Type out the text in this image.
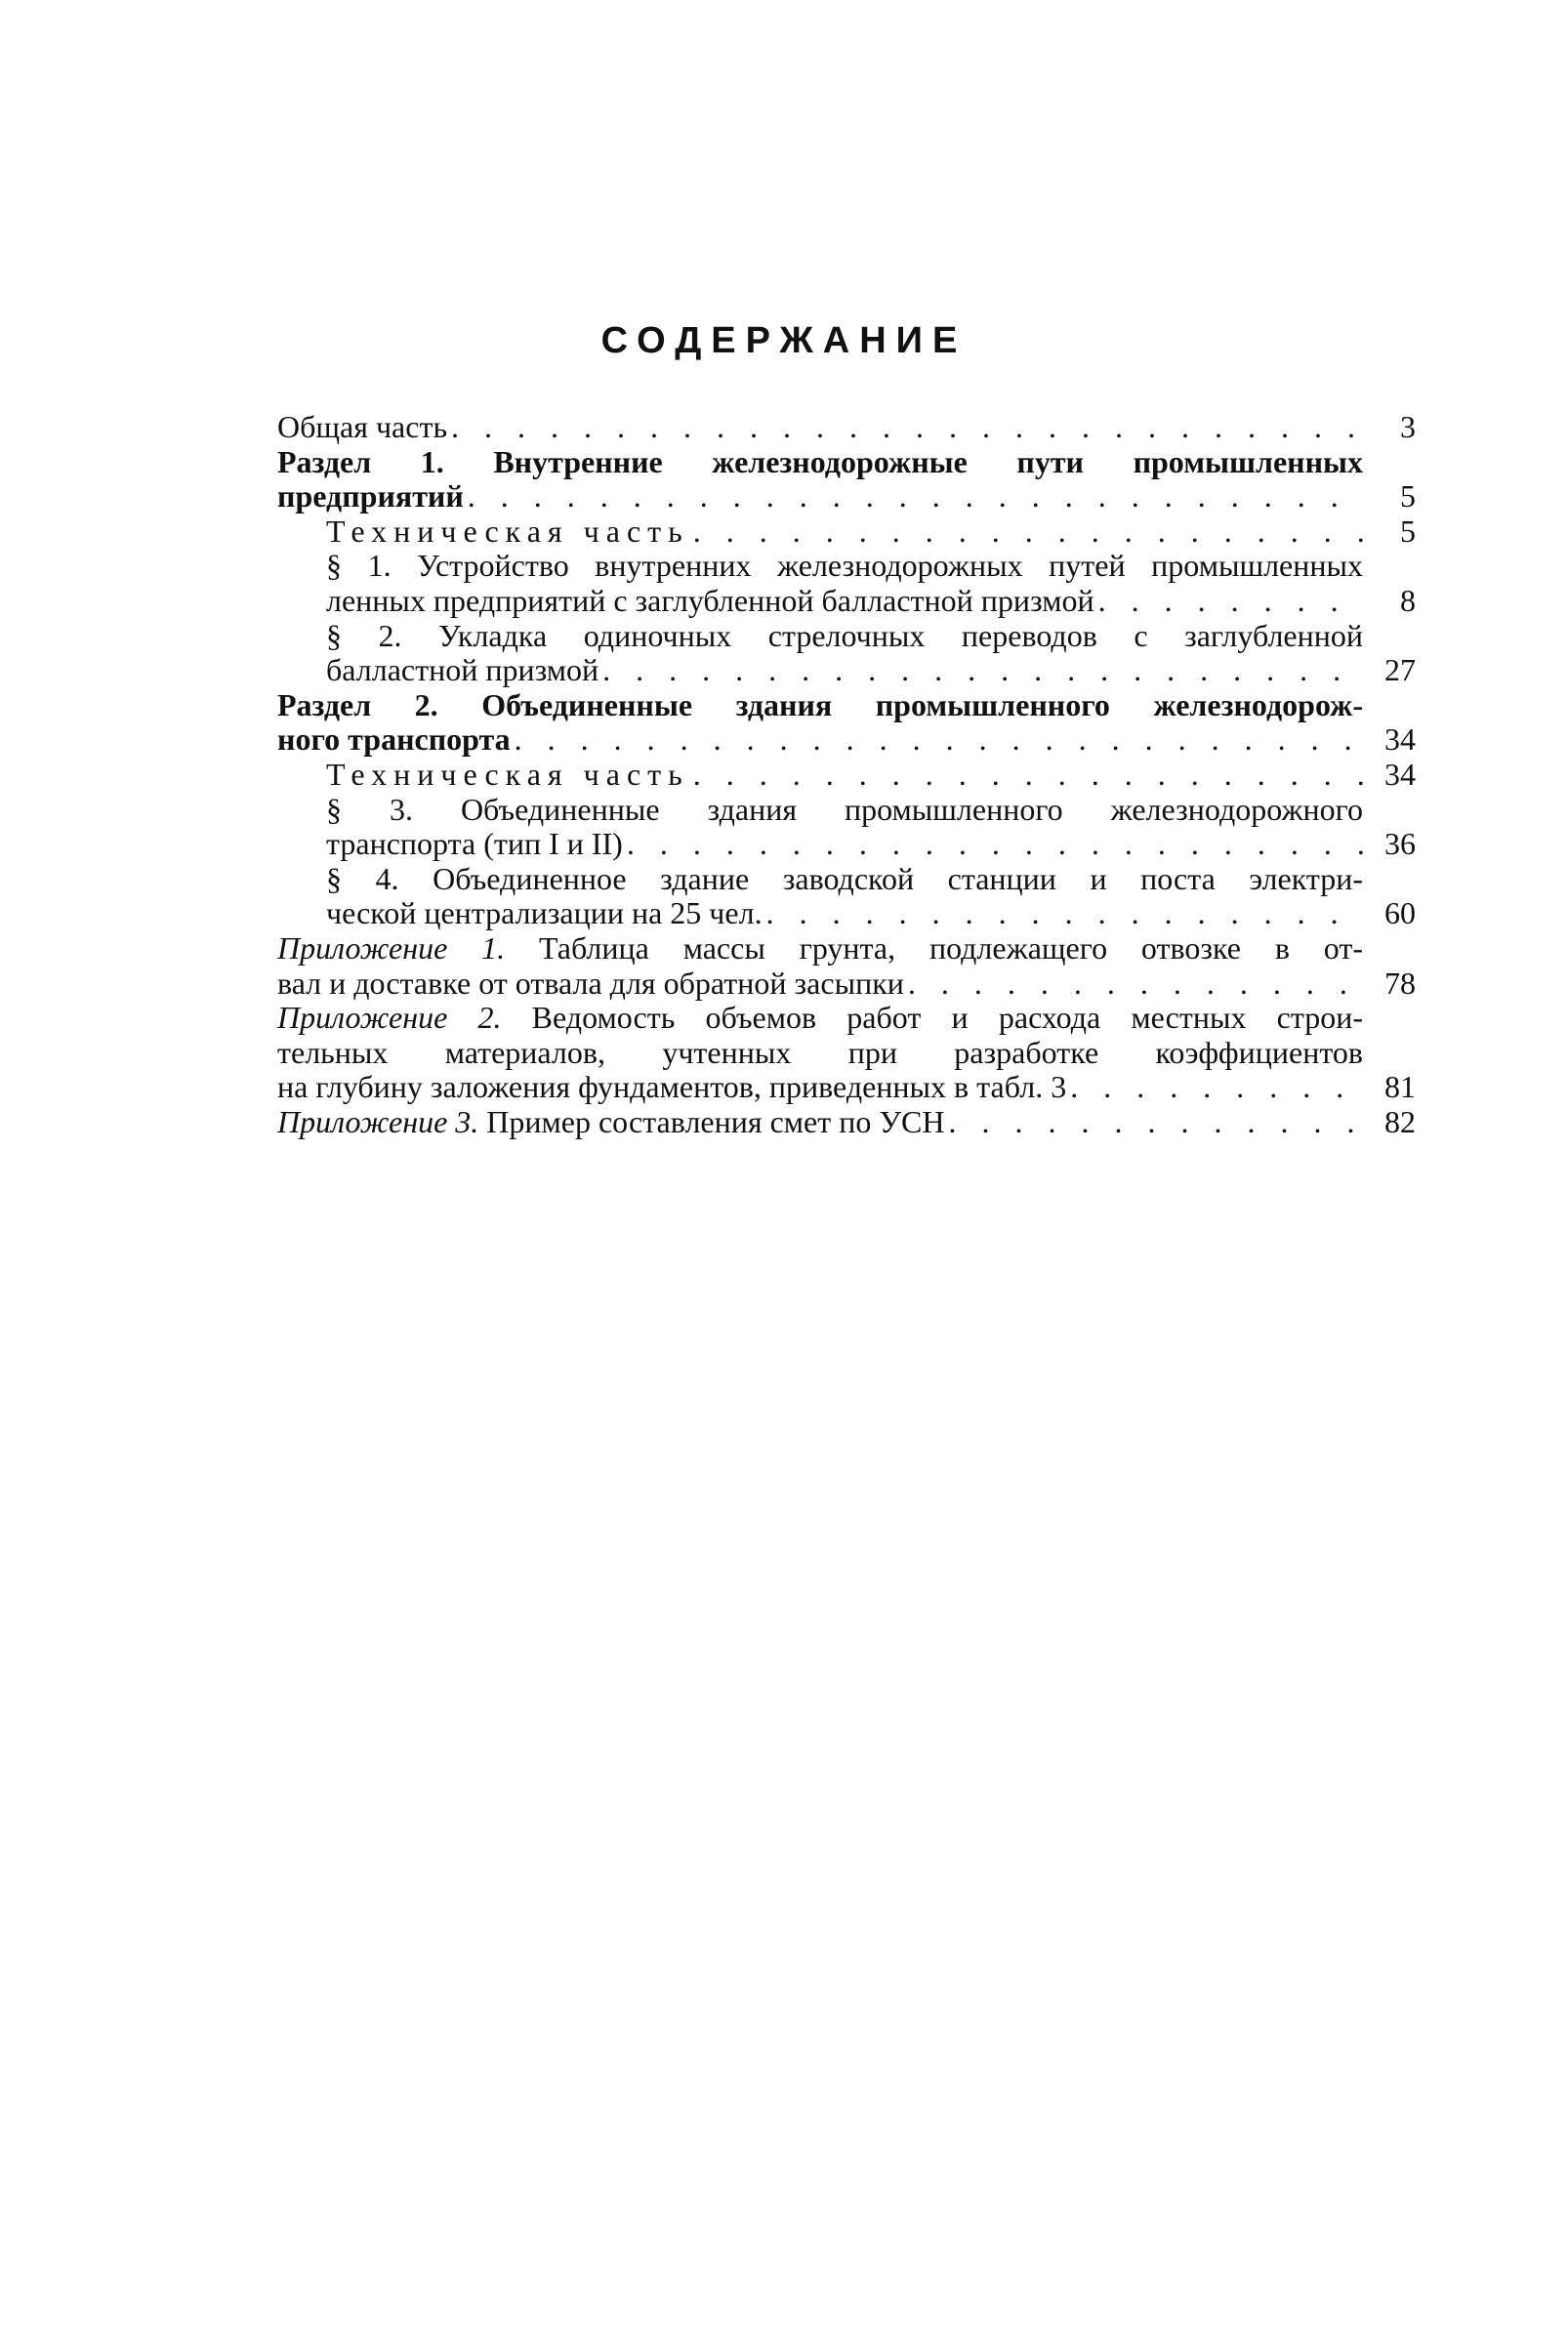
СОДЕРЖАНИЕ
Общая часть . . .	3
Раздел 1. Внутренние железнодорожные пути промышленных
предприятий . . .	5
Техническая часть . . .	5
§ 1. Устройство внутренних железнодорожных путей промышленных
ленных предприятий с заглубленной балластной призмой . . .	8
§ 2. Укладка одиночных стрелочных переводов с заглубленной
балластной призмой . . .	27
Раздел 2. Объединенные здания промышленного железнодорож-
ного транспорта . . .	34
Техническая часть . . .	34
§ 3. Объединенные здания промышленного железнодорожного
транспорта (тип I и II) . . .	36
§ 4. Объединенное здание заводской станции и поста электри-
ческой централизации на 25 чел. . . .	60
Приложение 1. Таблица массы грунта, подлежащего отвозке в от-
вал и доставке от отвала для обратной засыпки . . .	78
Приложение 2. Ведомость объемов работ и расхода местных строи-
тельных материалов, учтенных при разработке коэффициентов
на глубину заложения фундаментов, приведенных в табл. 3 . . .	81
Приложение 3. Пример составления смет по УСН . . .	82
